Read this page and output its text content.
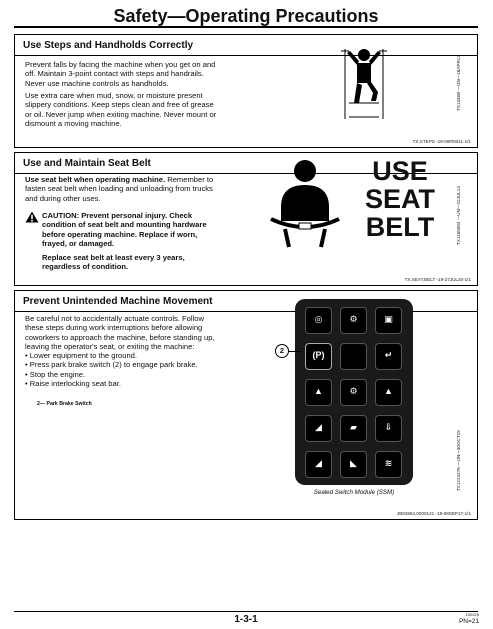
Safety—Operating Precautions
Use Steps and Handholds Correctly
Prevent falls by facing the machine when you get on and
off. Maintain 3-point contact with steps and handrails.
Never use machine controls as handholds.
Use extra care when mud, snow, or moisture present
slippery conditions. Keep steps clean and free of grease
or oil. Never jump when exiting machine. Never mount or
dismount a moving machine.
TS1346B —UN—18APR13
TX,STEPS -19-08FEB11-1/1
Use and Maintain Seat Belt
Use seat belt when operating machine. Remember to
fasten seat belt when loading and unloading from trucks
and during other uses.
CAUTION: Prevent personal injury. Check
condition of seat belt and mounting hardware
before operating machine. Replace if worn,
frayed, or damaged.
Replace seat belt at least every 3 years,
regardless of condition.
USE
SEAT
BELT	TX1165084 —UN—22JUL14
TX,SEAT,BELT -19-27JUL20-1/1
Prevent Unintended Machine Movement
Be careful not to accidentally actuate controls. Follow
these steps during work interruptions before allowing
coworkers to approach the machine, before standing up,
leaving the operator's seat, or exiting the machine:
• Lower equipment to the ground.
• Press park brake switch (2) to engage park brake.
• Stop the engine.
• Raise interlocking seat bar.
2— Park Brake Switch
◎	⚙	▣
(P)	↵
▲	⚙	▲
◢	▰	⇩
◢	◣	≋
2
Sealed Switch Module (SSM)
TX1224476 —UN—30OCT15
JB92884,0000121 -19-08SEP17-1/1
1-3-1	100229
PN=21
